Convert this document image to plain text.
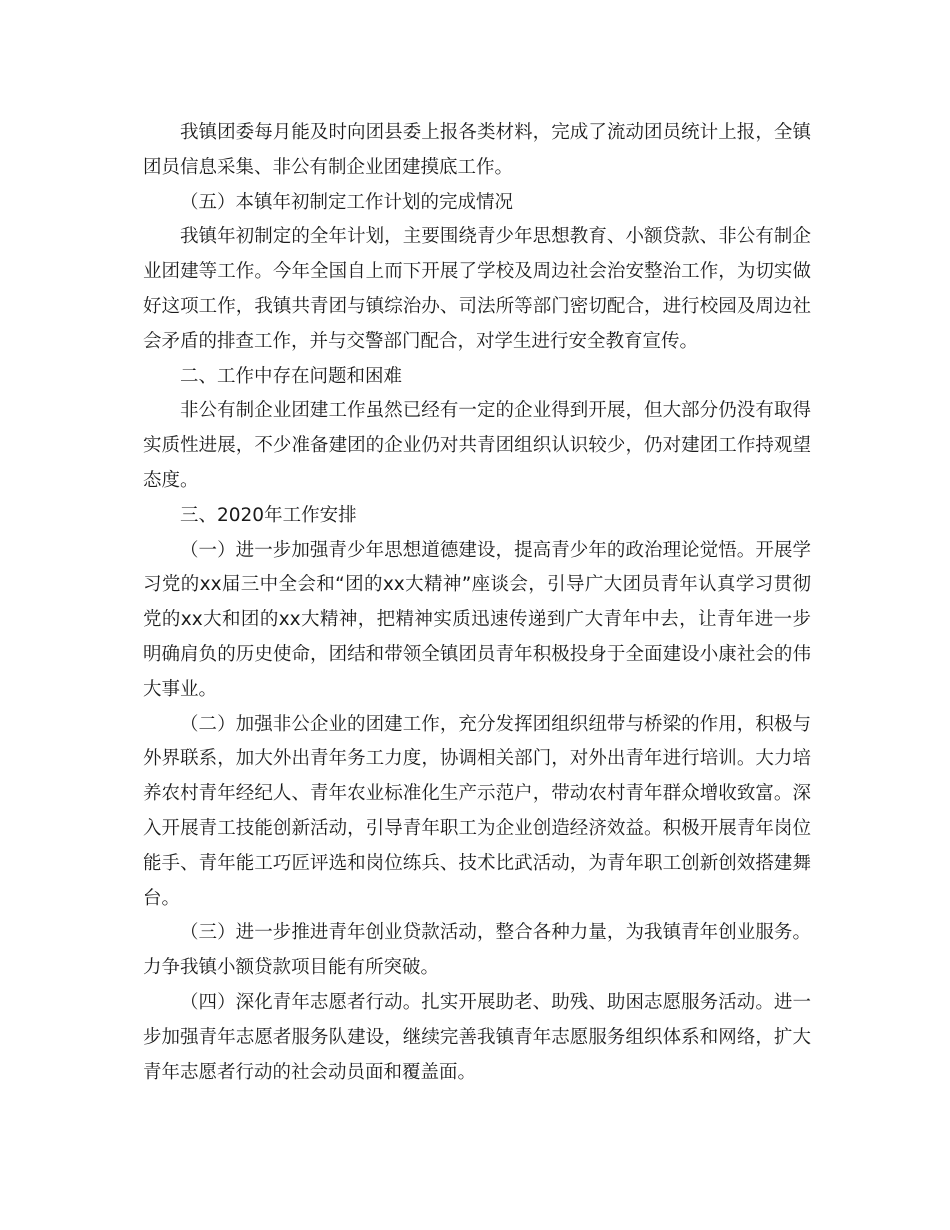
我镇团委每月能及时向团县委上报各类材料，完成了流动团员统计上报，全镇团员信息采集、非公有制企业团建摸底工作。

（五）本镇年初制定工作计划的完成情况

我镇年初制定的全年计划，主要围绕青少年思想教育、小额贷款、非公有制企业团建等工作。今年全国自上而下开展了学校及周边社会治安整治工作，为切实做好这项工作，我镇共青团与镇综治办、司法所等部门密切配合，进行校园及周边社会矛盾的排查工作，并与交警部门配合，对学生进行安全教育宣传。

二、工作中存在问题和困难

非公有制企业团建工作虽然已经有一定的企业得到开展，但大部分仍没有取得实质性进展，不少准备建团的企业仍对共青团组织认识较少，仍对建团工作持观望态度。

三、2020年工作安排

（一）进一步加强青少年思想道德建设，提高青少年的政治理论觉悟。开展学习党的xx届三中全会和“团的xx大精神”座谈会，引导广大团员青年认真学习贯彻党的xx大和团的xx大精神，把精神实质迅速传递到广大青年中去，让青年进一步明确肩负的历史使命，团结和带领全镇团员青年积极投身于全面建设小康社会的伟大事业。

（二）加强非公企业的团建工作，充分发挥团组织纽带与桥梁的作用，积极与外界联系，加大外出青年务工力度，协调相关部门，对外出青年进行培训。大力培养农村青年经纪人、青年农业标准化生产示范户，带动农村青年群众增收致富。深入开展青工技能创新活动，引导青年职工为企业创造经济效益。积极开展青年岗位能手、青年能工巧匠评选和岗位练兵、技术比武活动，为青年职工创新创效搭建舞台。

（三）进一步推进青年创业贷款活动，整合各种力量，为我镇青年创业服务。力争我镇小额贷款项目能有所突破。

（四）深化青年志愿者行动。扎实开展助老、助残、助困志愿服务活动。进一步加强青年志愿者服务队建设，继续完善我镇青年志愿服务组织体系和网络，扩大青年志愿者行动的社会动员面和覆盖面。
